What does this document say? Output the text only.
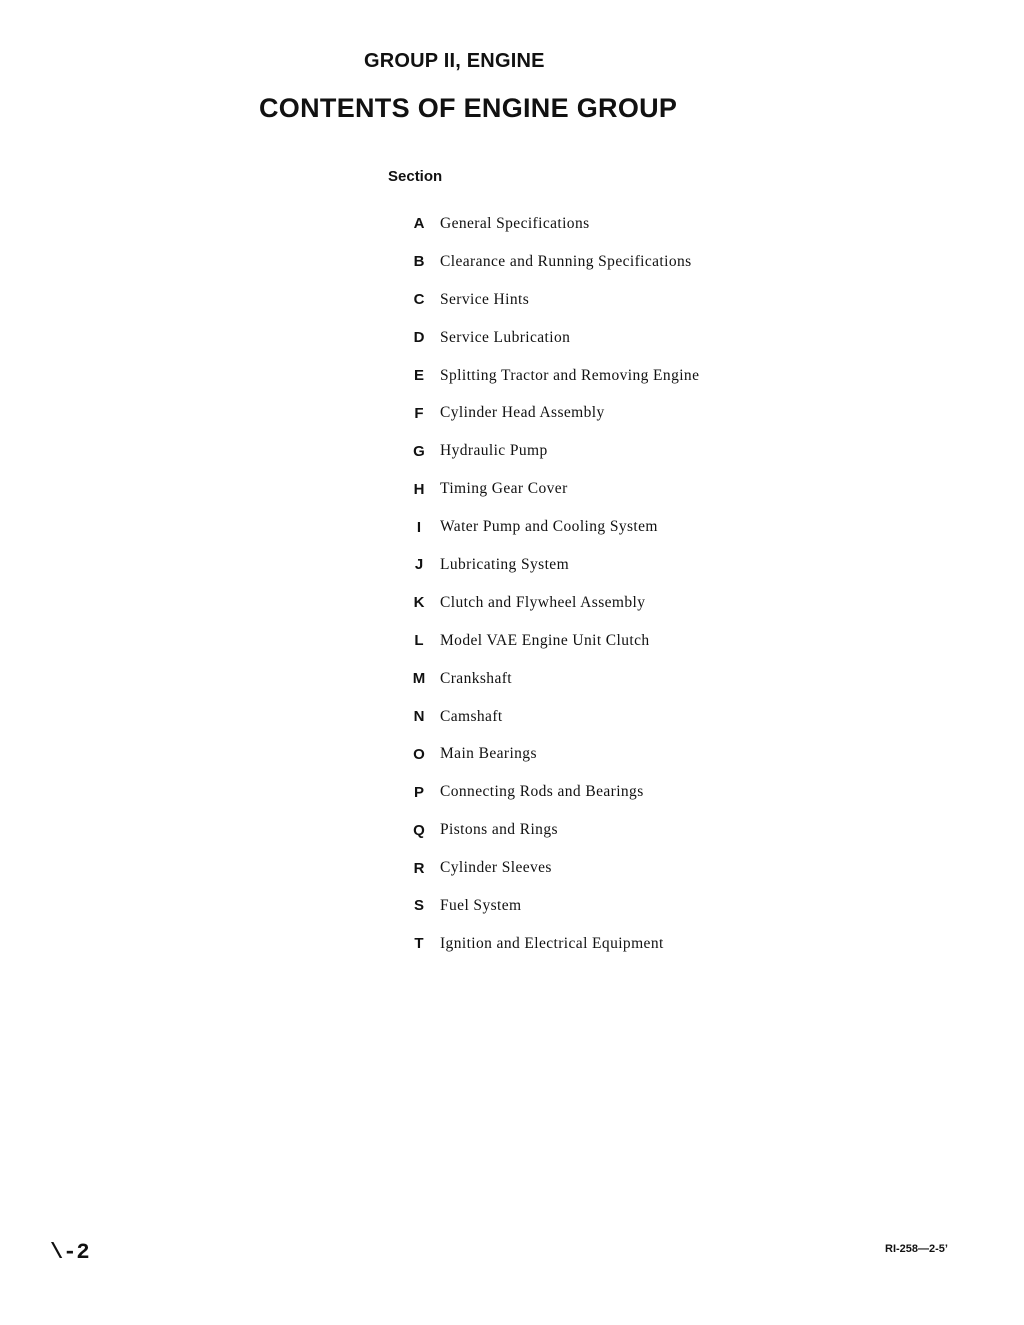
GROUP II, ENGINE
CONTENTS OF ENGINE GROUP
Section
A	General Specifications
B	Clearance and Running Specifications
C	Service Hints
D	Service Lubrication
E	Splitting Tractor and Removing Engine
F	Cylinder Head Assembly
G Hydraulic Pump
H	Timing Gear Cover
I	Water Pump and Cooling System
J	Lubricating System
K	Clutch and Flywheel Assembly
L	Model VAE Engine Unit Clutch
M Crankshaft
N	Camshaft
O Main Bearings
P	Connecting Rods and Bearings
Q Pistons and Rings
R	Cylinder Sleeves
S	Fuel System
T	Ignition and Electrical Equipment
\-2	RI-258—2-5’
